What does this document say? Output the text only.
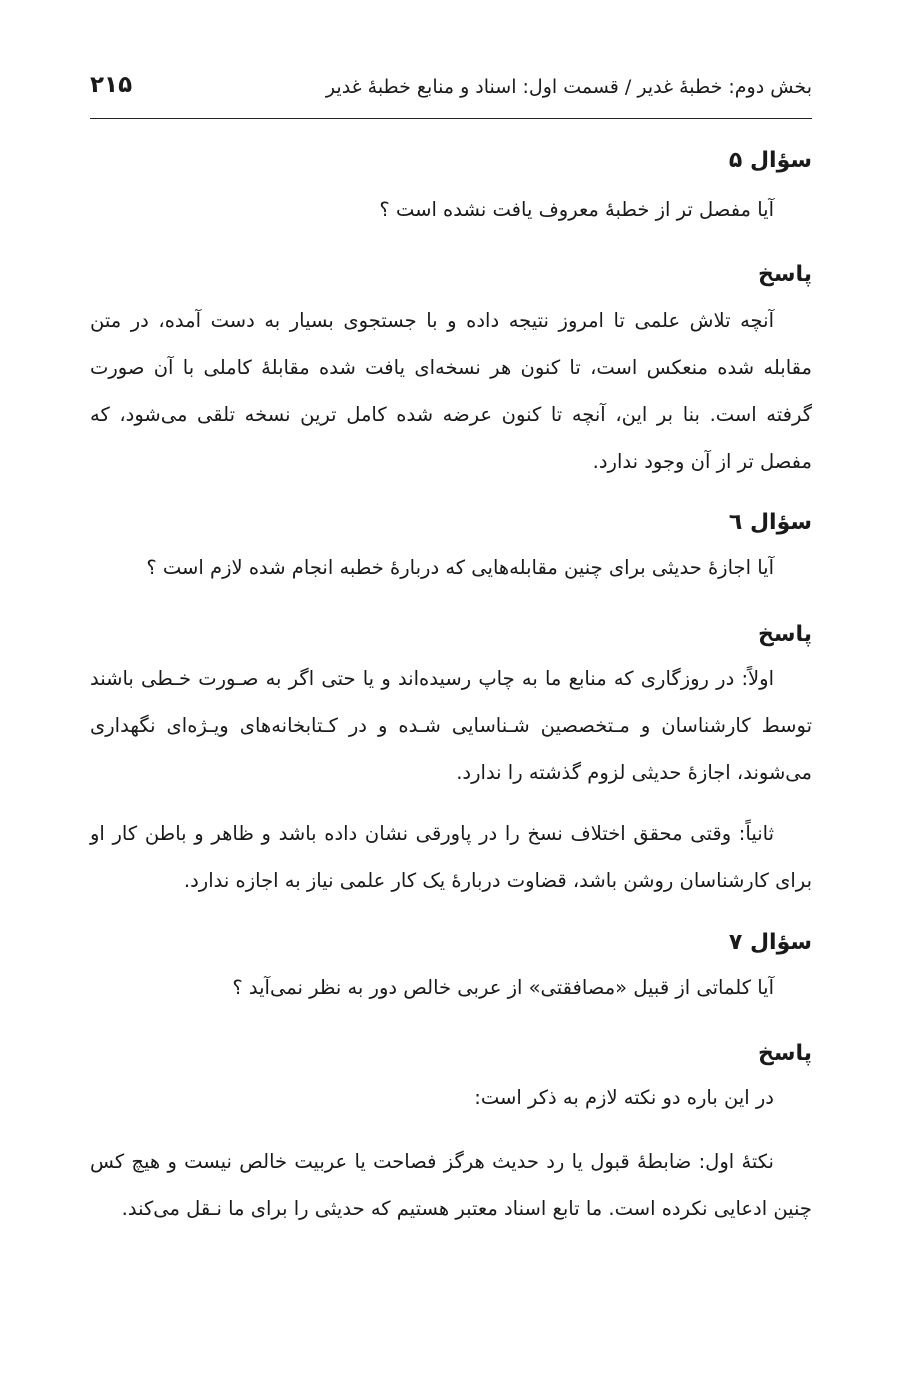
بخش دوم: خطبهٔ غدیر / قسمت اول: اسناد و منابع خطبهٔ غدیر
۲۱۵
سؤال ۵

آیا مفصل تر از خطبهٔ معروف یافت نشده است ؟

پاسخ

آنچه تلاش علمی تا امروز نتیجه داده و با جستجوی بسیار به دست آمده، در متن مقابله شده منعکس است، تا کنون هر نسخه‌ای یافت شده مقابلهٔ کاملی با آن صورت گرفته است. بنا بر این، آنچه تا کنون عرضه شده کامل ترین نسخه تلقی می‌شود، که مفصل تر از آن وجود ندارد.

سؤال ٦

آیا اجازهٔ حدیثی برای چنین مقابله‌هایی که دربارهٔ خطبه انجام شده لازم است ؟

پاسخ

اولاً: در روزگاری که منابع ما به چاپ رسیده‌اند و یا حتی اگر به صـورت خـطی باشند توسط کارشناسان و مـتخصصین شـناسایی شـده و در کـتابخانه‌های ویـژه‌ای نگهداری می‌شوند، اجازهٔ حدیثی لزوم گذشته را ندارد.

ثانیاً: وقتی محقق اختلاف نسخ را در پاورقی نشان داده باشد و ظاهر و باطن کار او برای کارشناسان روشن باشد، قضاوت دربارهٔ یک کار علمی نیاز به اجازه ندارد.

سؤال ۷

آیا کلماتی از قبیل «مصافقتی» از عربی خالص دور به نظر نمی‌آید ؟

پاسخ

در این باره دو نکته لازم به ذکر است:

نکتهٔ اول: ضابطهٔ قبول یا رد حدیث هرگز فصاحت یا عربیت خالص نیست و هیچ کس چنین ادعایی نکرده است. ما تابع اسناد معتبر هستیم که حدیثی را برای ما نـقل می‌کند.
